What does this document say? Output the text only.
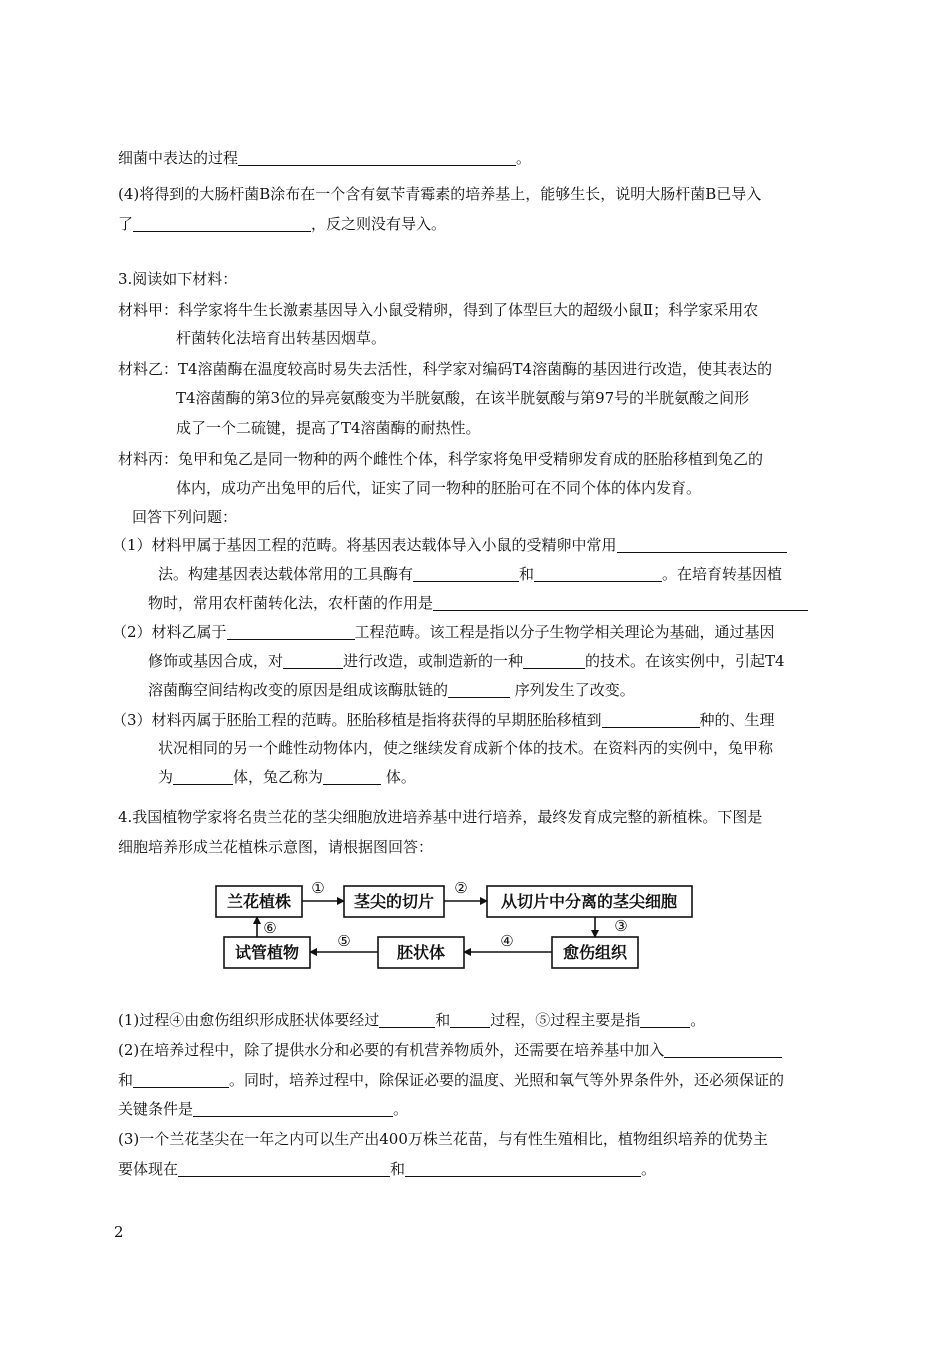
细菌中表达的过程	。
(4)将得到的大肠杆菌B涂布在一个含有氨苄青霉素的培养基上，能够生长，说明大肠杆菌B已导入
了	，反之则没有导入。
3.阅读如下材料：
材料甲：科学家将牛生长激素基因导入小鼠受精卵，得到了体型巨大的超级小鼠Ⅱ；科学家采用农
杆菌转化法培育出转基因烟草。
材料乙：T4溶菌酶在温度较高时易失去活性，科学家对编码T4溶菌酶的基因进行改造，使其表达的
T4溶菌酶的第3位的异亮氨酸变为半胱氨酸，在该半胱氨酸与第97号的半胱氨酸之间形
成了一个二硫键，提高了T4溶菌酶的耐热性。
材料丙：兔甲和兔乙是同一物种的两个雌性个体，科学家将兔甲受精卵发育成的胚胎移植到兔乙的
体内，成功产出兔甲的后代，证实了同一物种的胚胎可在不同个体的体内发育。
回答下列问题：
（1）材料甲属于基因工程的范畴。将基因表达载体导入小鼠的受精卵中常用
法。构建基因表达载体常用的工具酶有	和	。在培育转基因植
物时，常用农杆菌转化法，农杆菌的作用是
（2）材料乙属于	工程范畴。该工程是指以分子生物学相关理论为基础，通过基因
修饰或基因合成，对	进行改造，或制造新的一种	的技术。在该实例中，引起T4
溶菌酶空间结构改变的原因是组成该酶肽链的	序列发生了改变。
（3）材料丙属于胚胎工程的范畴。胚胎移植是指将获得的早期胚胎移植到	种的、生理
状况相同的另一个雌性动物体内，使之继续发育成新个体的技术。在资料丙的实例中，兔甲称
为	体，兔乙称为	体。
4.我国植物学家将名贵兰花的茎尖细胞放进培养基中进行培养，最终发育成完整的新植株。下图是
细胞培养形成兰花植株示意图，请根据图回答：
兰花植株	茎尖的切片	从切片中分离的茎尖细胞
愈伤组织
胚状体
试管植物
①	②
③
④
⑤
⑥
(1)过程④由愈伤组织形成胚状体要经过	和	过程，⑤过程主要是指	。
(2)在培养过程中，除了提供水分和必要的有机营养物质外，还需要在培养基中加入
和	。同时，培养过程中，除保证必要的温度、光照和氧气等外界条件外，还必须保证的
关键条件是	。
(3)一个兰花茎尖在一年之内可以生产出400万株兰花苗，与有性生殖相比，植物组织培养的优势主
要体现在	和	。
2
